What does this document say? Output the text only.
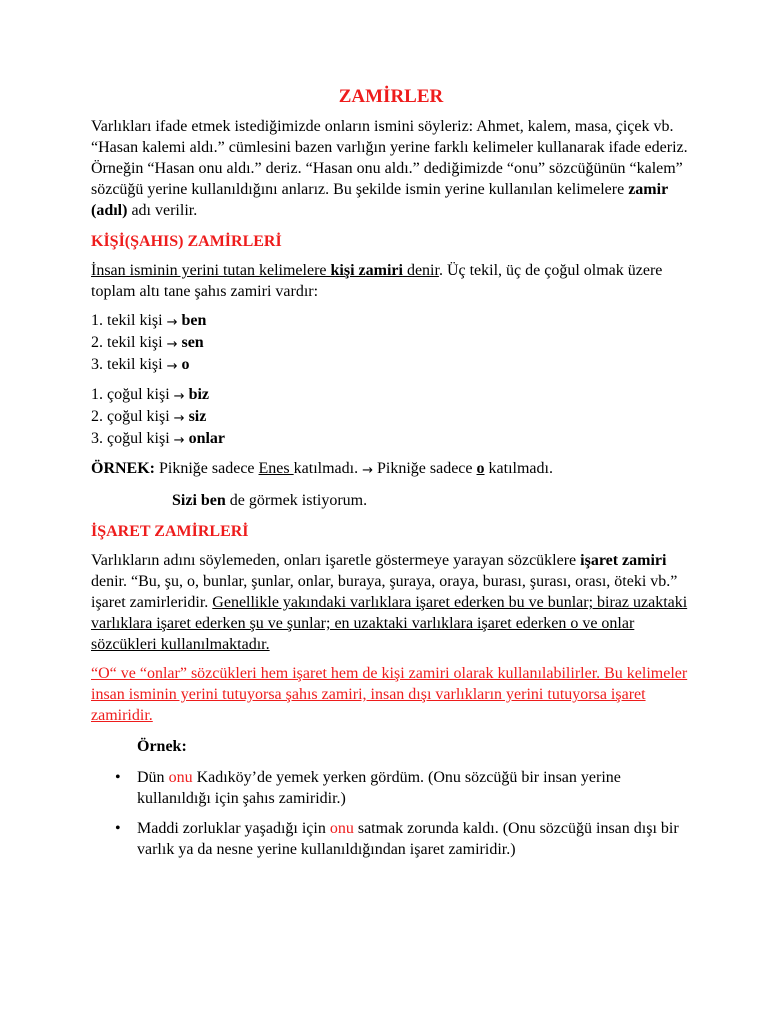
ZAMİRLER

Varlıkları ifade etmek istediğimizde onların ismini söyleriz: Ahmet, kalem, masa, çiçek vb.

“Hasan kalemi aldı.” cümlesini bazen varlığın yerine farklı kelimeler kullanarak ifade ederiz. Örneğin “Hasan onu aldı.” deriz. “Hasan onu aldı.” dediğimizde “onu” sözcüğünün “kalem” sözcüğü yerine kullanıldığını anlarız. Bu şekilde ismin yerine kullanılan kelimelere zamir (adıl) adı verilir.

KİŞİ(ŞAHIS) ZAMİRLERİ

İnsan isminin yerini tutan kelimelere kişi zamiri denir. Üç tekil, üç de çoğul olmak üzere toplam altı tane şahıs zamiri vardır:

1. tekil kişi → ben

2. tekil kişi → sen

3. tekil kişi → o

1. çoğul kişi → biz

2. çoğul kişi → siz

3. çoğul kişi → onlar

ÖRNEK: Pikniğe sadece Enes katılmadı. → Pikniğe sadece o katılmadı.

Sizi ben de görmek istiyorum.

İŞARET ZAMİRLERİ

Varlıkların adını söylemeden, onları işaretle göstermeye yarayan sözcüklere işaret zamiri denir. “Bu, şu, o, bunlar, şunlar, onlar, buraya, şuraya, oraya, burası, şurası, orası, öteki vb.” işaret zamirleridir. Genellikle yakındaki varlıklara işaret ederken bu ve bunlar; biraz uzaktaki varlıklara işaret ederken şu ve şunlar; en uzaktaki varlıklara işaret ederken o ve onlar sözcükleri kullanılmaktadır.

“O“ ve “onlar” sözcükleri hem işaret hem de kişi zamiri olarak kullanılabilirler. Bu kelimeler insan isminin yerini tutuyorsa şahıs zamiri, insan dışı varlıkların yerini tutuyorsa işaret zamiridir.

Örnek:

• Dün onu Kadıköy’de yemek yerken gördüm. (Onu sözcüğü bir insan yerine kullanıldığı için şahıs zamiridir.)
• Maddi zorluklar yaşadığı için onu satmak zorunda kaldı. (Onu sözcüğü insan dışı bir varlık ya da nesne yerine kullanıldığından işaret zamiridir.)
